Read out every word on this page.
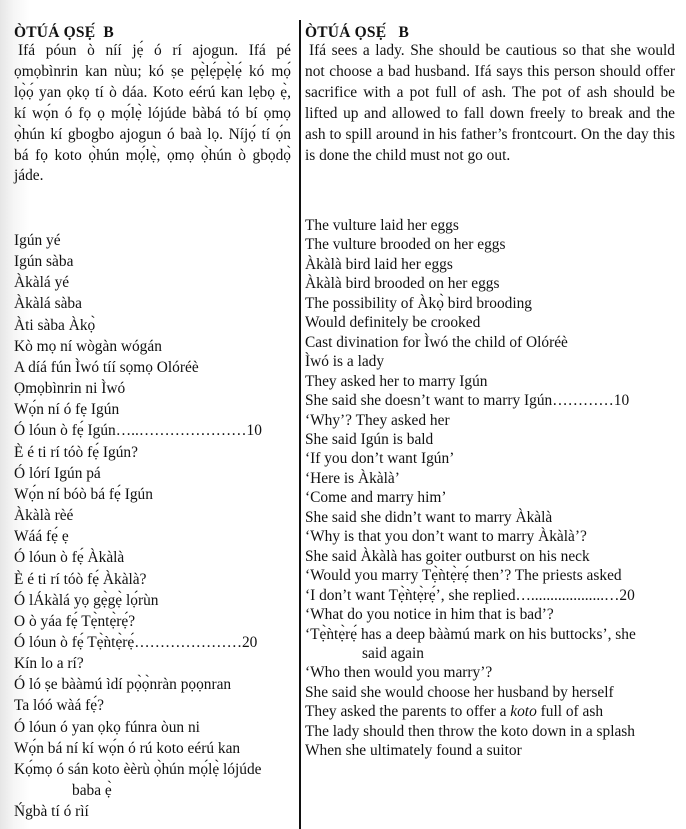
ÒTÚÁ ỌSẸ́  B

Ifá póun ò níí jẹ́ ó rí ajogun. Ifá pé ọmọbìnrin kan nùu; kó ṣe pẹ̀lẹ́pẹ̀lẹ́ kó mọ́ lọ̀ọ́ yan ọkọ tí ò dáa. Koto eérú kan lẹbọ ẹ̀, kí wọ́n ó fọ ọ mọ́lẹ̀ lójúde bàbá tó bí ọmọ ọ̀hún kí gbogbo ajogun ó baà lọ. Níjọ́ tí ọ́n bá fọ koto ọ̀hún mọ́lẹ̀, ọmọ ọ̀hún ò gbọdọ̀ jáde.

Igún yé
Igún sàba
Àkàlá yé
Àkàlá sàba
Àti sàba Àkọ̀
Kò mọ ní wògàn wógán
A díá fún Ìwó tíí sọmọ Olóréè
Ọmọbìnrin ni Ìwó
Wọ́n ní ó fẹ Igún
Ó lóun ò fẹ́ Igún…..…………………10
È é ti rí tóò fẹ́ Igún?
Ó lórí Igún pá
Wọ́n ní bóò bá fẹ́ Igún
Àkàlà rèé
Wáá fẹ́ ẹ
Ó lóun ò fẹ́ Àkàlà
È é ti rí tóò fẹ́ Àkàlà?
Ó lÁkàlá yọ gẹ̀gẹ̀ lọ́rùn
O ò yáa fẹ́ Tẹ̀ntẹ̀rẹ́?
Ó lóun ò fẹ́ Tẹ̀ǹtẹ̀rẹ́…………………20
Kín lo a rí?
Ó ló ṣe bààmú ìdí pọ̀ọ̀nràn pọọnran
Ta lóó wàá fẹ́?
Ó lóun ó yan ọkọ fúnra òun ni
Wọ́n bá ní kí wọ́n ó rú koto eérú kan
Kọ́mọ ó sán koto èèrù ọ̀hún mọ́lẹ̀ lójúde
baba ẹ̀
Ńgbà tí ó rìí
ÒTÚÁ ỌSẸ́   B

Ifá sees a lady. She should be cautious so that she would not choose a bad husband. Ifá says this person should offer sacrifice with a pot full of ash. The pot of ash should be lifted up and allowed to fall down freely to break and the ash to spill around in his father’s frontcourt. On the day this is done the child must not go out.

The vulture laid her eggs
The vulture brooded on her eggs
Àkàlà bird laid her eggs
Àkàlà bird brooded on her eggs
The possibility of Àkọ̀ bird brooding
Would definitely be crooked
Cast divination for Ìwó the child of Olóréè
Ìwó is a lady
They asked her to marry Igún
She said she doesn’t want to marry Igún…………10
‘Why’? They asked her
She said Igún is bald
‘If you don’t want Igún’
‘Here is Àkàlà’
‘Come and marry him’
She said she didn’t want to marry Àkàlà
‘Why is that you don’t want to marry Àkàlà’?
She said Àkàlà has goiter outburst on his neck
‘Would you marry Tẹ̀ǹtẹ̀rẹ́ then’? The priests asked
‘I don’t want Tẹ̀ǹtẹ̀rẹ́’, she replied…...................…20
‘What do you notice in him that is bad’?
‘Tẹ̀ǹtẹ̀rẹ́ has a deep bààmú mark on his buttocks’, she
said again
‘Who then would you marry’?
She said she would choose her husband by herself
They asked the parents to offer a koto full of ash
The lady should then throw the koto down in a splash
When she ultimately found a suitor
